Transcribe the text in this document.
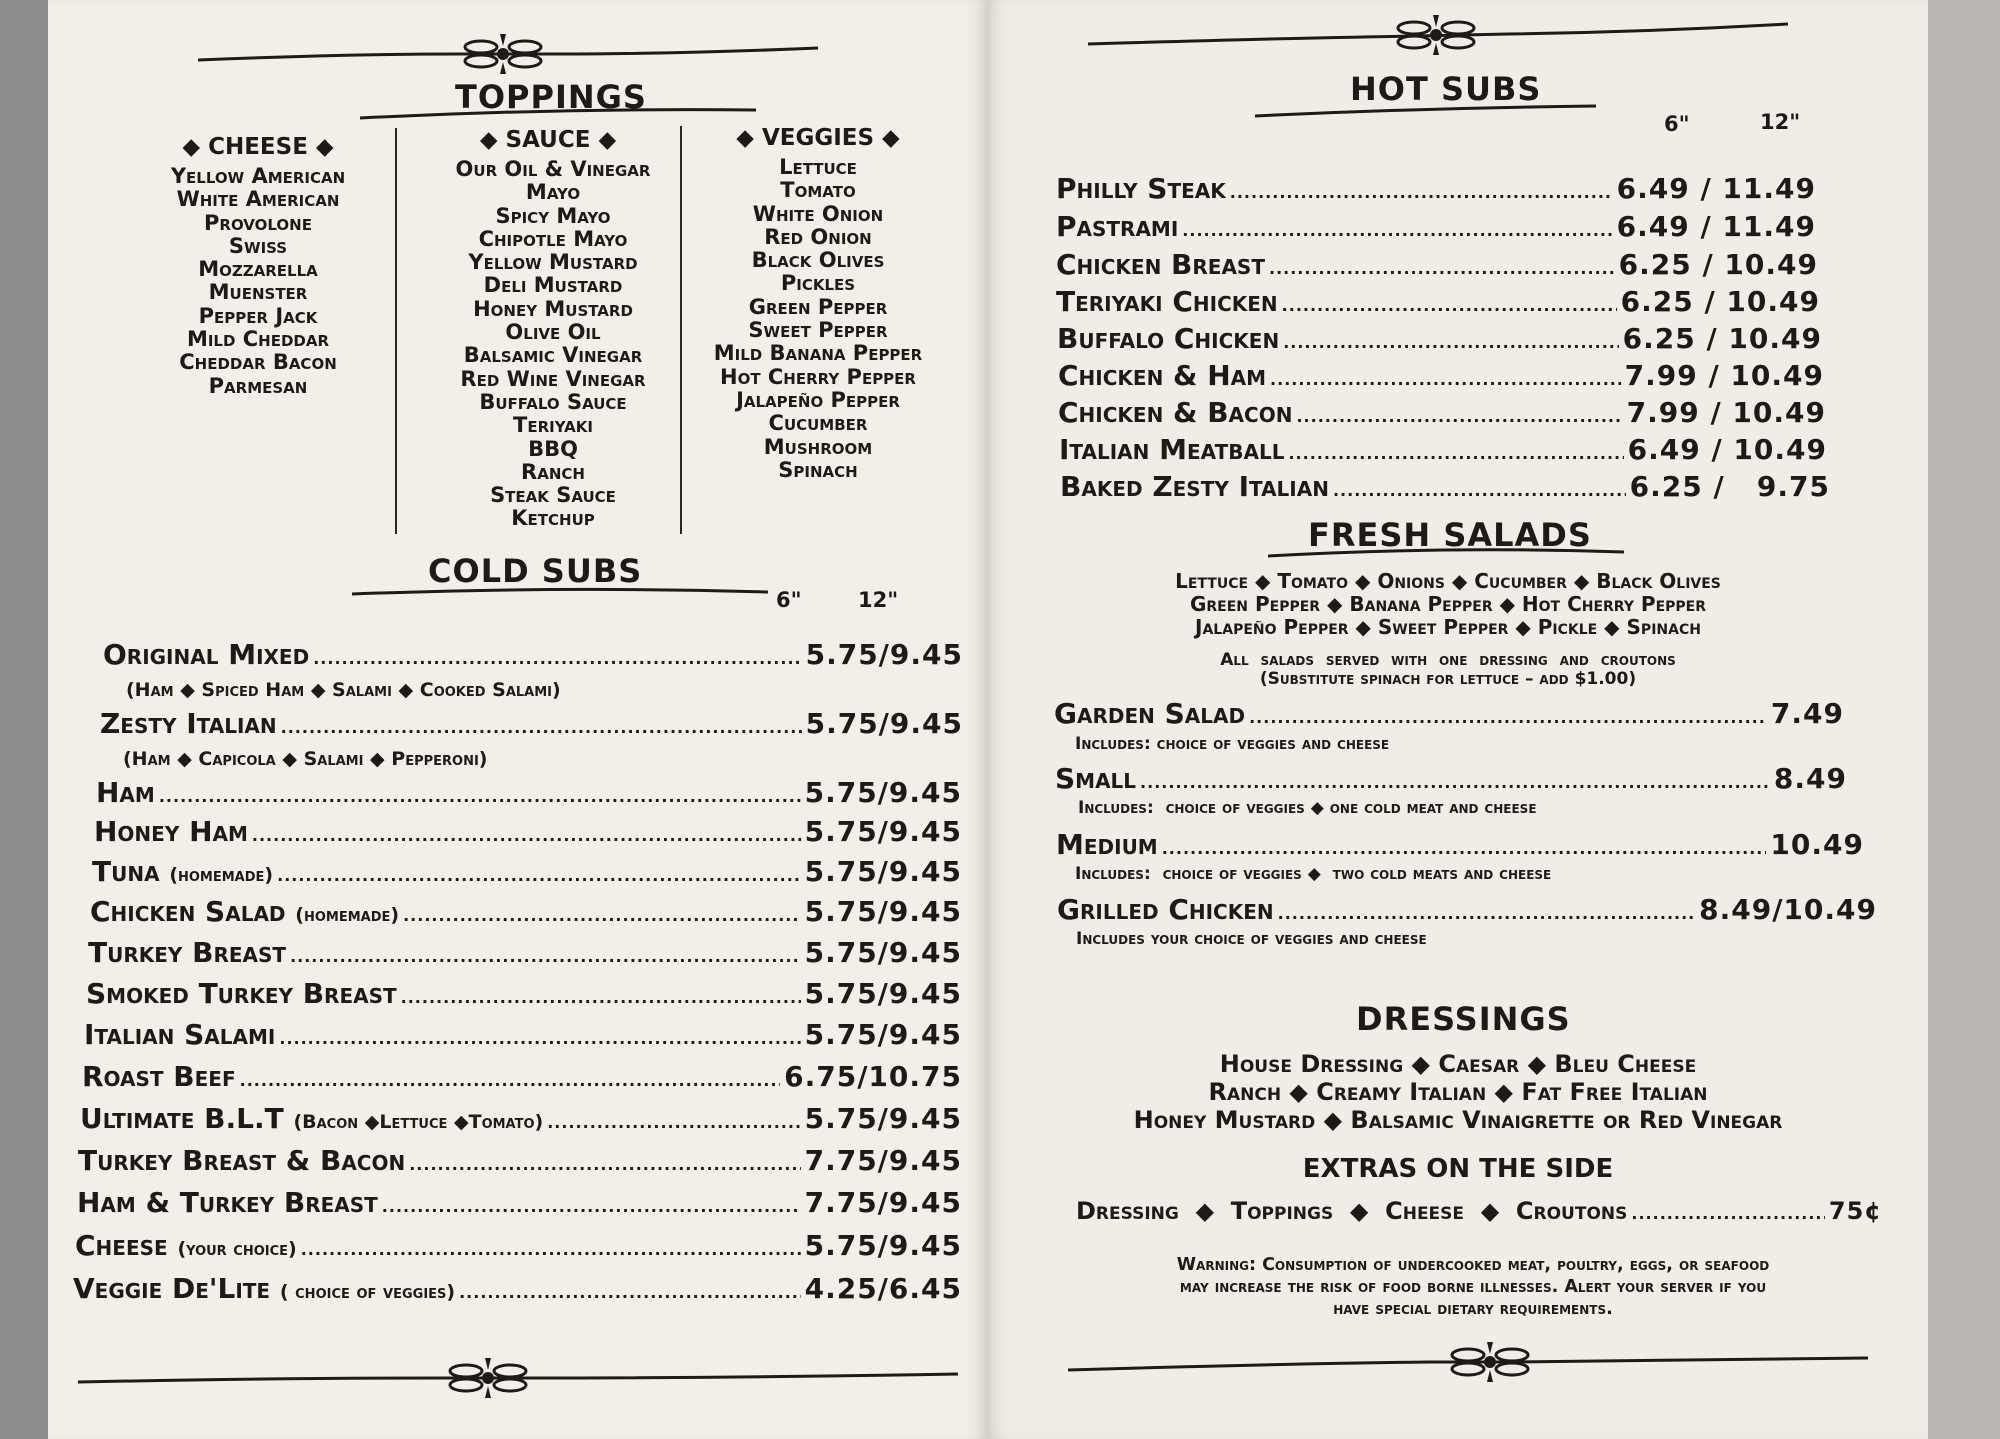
TOPPINGS
◆ CHEESE ◆
Yellow American
White American
Provolone
Swiss
Mozzarella
Muenster
Pepper Jack
Mild Cheddar
Cheddar Bacon
Parmesan
◆ SAUCE ◆
Our Oil & Vinegar
Mayo
Spicy Mayo
Chipotle Mayo
Yellow Mustard
Deli Mustard
Honey Mustard
Olive Oil
Balsamic Vinegar
Red Wine Vinegar
Buffalo Sauce
Teriyaki
BBQ
Ranch
Steak Sauce
Ketchup
◆ VEGGIES ◆
Lettuce
Tomato
White Onion
Red Onion
Black Olives
Pickles
Green Pepper
Sweet Pepper
Mild Banana Pepper
Hot Cherry Pepper
Jalapeño Pepper
Cucumber
Mushroom
Spinach
COLD SUBS
6"	12"
Original Mixed .....	5.75/9.45
(Ham ◆ Spiced Ham ◆ Salami ◆ Cooked Salami)
Zesty Italian .....	5.75/9.45
(Ham ◆ Capicola ◆ Salami ◆ Pepperoni)
Ham .....	5.75/9.45
Honey Ham .....	5.75/9.45
Tuna (homemade) .....	5.75/9.45
Chicken Salad (homemade) .....	5.75/9.45
Turkey Breast .....	5.75/9.45
Smoked Turkey Breast .....	5.75/9.45
Italian Salami .....	5.75/9.45
Roast Beef .....	6.75/10.75
Ultimate B.L.T (Bacon ◆Lettuce ◆Tomato) .....	5.75/9.45
Turkey Breast & Bacon .....	7.75/9.45
Ham & Turkey Breast .....	7.75/9.45
Cheese (your choice) .....	5.75/9.45
Veggie De'Lite ( choice of veggies) .....	4.25/6.45
HOT SUBS
6"	12"
Philly Steak .....	6.49 / 11.49
Pastrami .....	6.49 / 11.49
Chicken Breast .....	6.25 / 10.49
Teriyaki Chicken .....	6.25 / 10.49
Buffalo Chicken .....	6.25 / 10.49
Chicken & Ham .....	7.99 / 10.49
Chicken & Bacon .....	7.99 / 10.49
Italian Meatball .....	6.49 / 10.49
Baked Zesty Italian .....	6.25 /   9.75
FRESH SALADS
Lettuce ◆ Tomato ◆ Onions ◆ Cucumber ◆ Black Olives
Green Pepper ◆ Banana Pepper ◆ Hot Cherry Pepper
Jalapeño Pepper ◆ Sweet Pepper ◆ Pickle ◆ Spinach
All  salads  served  with  one  dressing  and  croutons
(Substitute spinach for lettuce – add $1.00)
Garden Salad .....	7.49
Includes: choice of veggies and cheese
Small .....	8.49
Includes:  choice of veggies ◆ one cold meat and cheese
Medium .....	10.49
Includes:  choice of veggies ◆  two cold meats and cheese
Grilled Chicken .....	8.49/10.49
Includes your choice of veggies and cheese
DRESSINGS
House Dressing ◆ Caesar ◆ Bleu Cheese
Ranch ◆ Creamy Italian ◆ Fat Free Italian
Honey Mustard ◆ Balsamic Vinaigrette or Red Vinegar
EXTRAS ON THE SIDE
Dressing  ◆  Toppings  ◆  Cheese  ◆  Croutons .....	75¢
Warning: Consumption of undercooked meat, poultry, eggs, or seafood
may increase the risk of food borne illnesses. Alert your server if you
have special dietary requirements.
